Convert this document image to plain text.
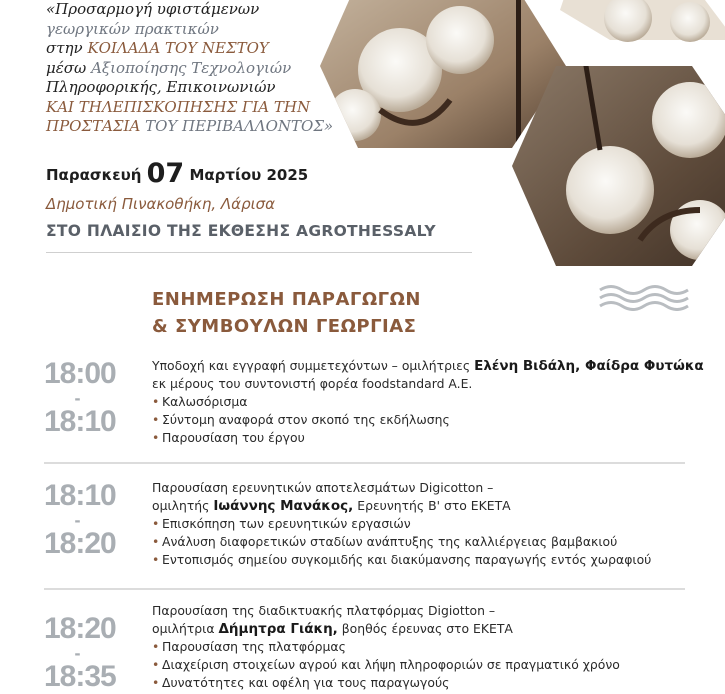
«Προσαρμογή υφιστάμενων
γεωργικών πρακτικών
στην ΚΟΙΛΑΔΑ ΤΟΥ ΝΕΣΤΟΥ
μέσω Αξιοποίησης Τεχνολογιών
Πληροφορικής, Επικοινωνιών
ΚΑΙ ΤΗΛΕΠΙΣΚΟΠΗΣΗΣ ΓΙΑ ΤΗΝ
ΠΡΟΣΤΑΣΙΑ ΤΟΥ ΠΕΡΙΒΑΛΛΟΝΤΟΣ»
Παρασκευή 07 Μαρτίου 2025
Δημοτική Πινακοθήκη, Λάρισα
ΣΤΟ ΠΛΑΙΣΙΟ ΤΗΣ ΕΚΘΕΣΗΣ AGROTHESSALY
ΕΝΗΜΕΡΩΣΗ ΠΑΡΑΓΩΓΩΝ
& ΣΥΜΒΟΥΛΩΝ ΓΕΩΡΓΙΑΣ
18:00
-
18:10
Υποδοχή και εγγραφή συμμετεχόντων – ομιλήτριες Ελένη Βιδάλη, Φαίδρα Φυτώκα εκ μέρους του συντονιστή φορέα foodstandard A.E.
• Καλωσόρισμα
• Σύντομη αναφορά στον σκοπό της εκδήλωσης
• Παρουσίαση του έργου
18:10
-
18:20
Παρουσίαση ερευνητικών αποτελεσμάτων Digicotton –
ομιλητής Ιωάννης Μανάκος, Ερευνητής Β' στο ΕΚΕΤΑ
• Επισκόπηση των ερευνητικών εργασιών
• Ανάλυση διαφορετικών σταδίων ανάπτυξης της καλλιέργειας βαμβακιού
• Εντοπισμός σημείου συγκομιδής και διακύμανσης παραγωγής εντός χωραφιού
18:20
-
18:35
Παρουσίαση της διαδικτυακής πλατφόρμας Digiotton –
ομιλήτρια Δήμητρα Γιάκη, βοηθός έρευνας στο ΕΚΕΤΑ
• Παρουσίαση της πλατφόρμας
• Διαχείριση στοιχείων αγρού και λήψη πληροφοριών σε πραγματικό χρόνο
• Δυνατότητες και οφέλη για τους παραγωγούς
